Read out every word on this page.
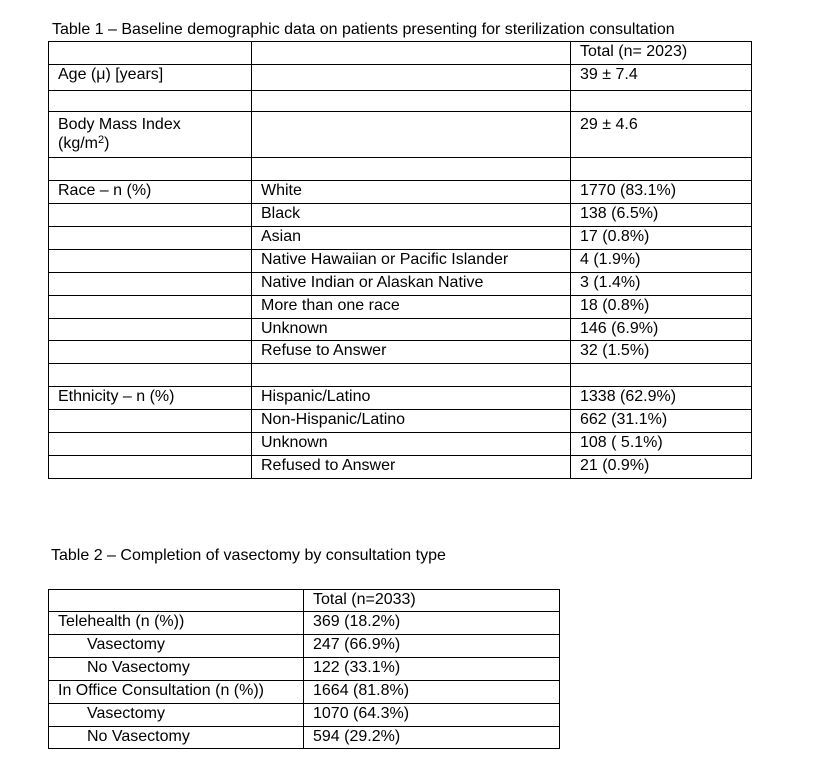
Table 1 – Baseline demographic data on patients presenting for sterilization consultation
		Total (n= 2023)
Age (μ) [years]		39 ± 7.4

Body Mass Index
$(kg/m^2)$		29 ± 4.6

Race – n (%)	White	1770 (83.1%)
	Black	138 (6.5%)
	Asian	17 (0.8%)
	Native Hawaiian or Pacific Islander	4 (1.9%)
	Native Indian or Alaskan Native	3 (1.4%)
	More than one race	18 (0.8%)
	Unknown	146 (6.9%)
	Refuse to Answer	32 (1.5%)

Ethnicity – n (%)	Hispanic/Latino	1338 (62.9%)
	Non-Hispanic/Latino	662 (31.1%)
	Unknown	108 ( 5.1%)
	Refused to Answer	21 (0.9%)
Table 2 – Completion of vasectomy by consultation type
	Total (n=2033)
Telehealth (n (%))	369 (18.2%)
Vasectomy	247 (66.9%)
No Vasectomy	122 (33.1%)
In Office Consultation (n (%))	1664 (81.8%)
Vasectomy	1070 (64.3%)
No Vasectomy	594 (29.2%)
